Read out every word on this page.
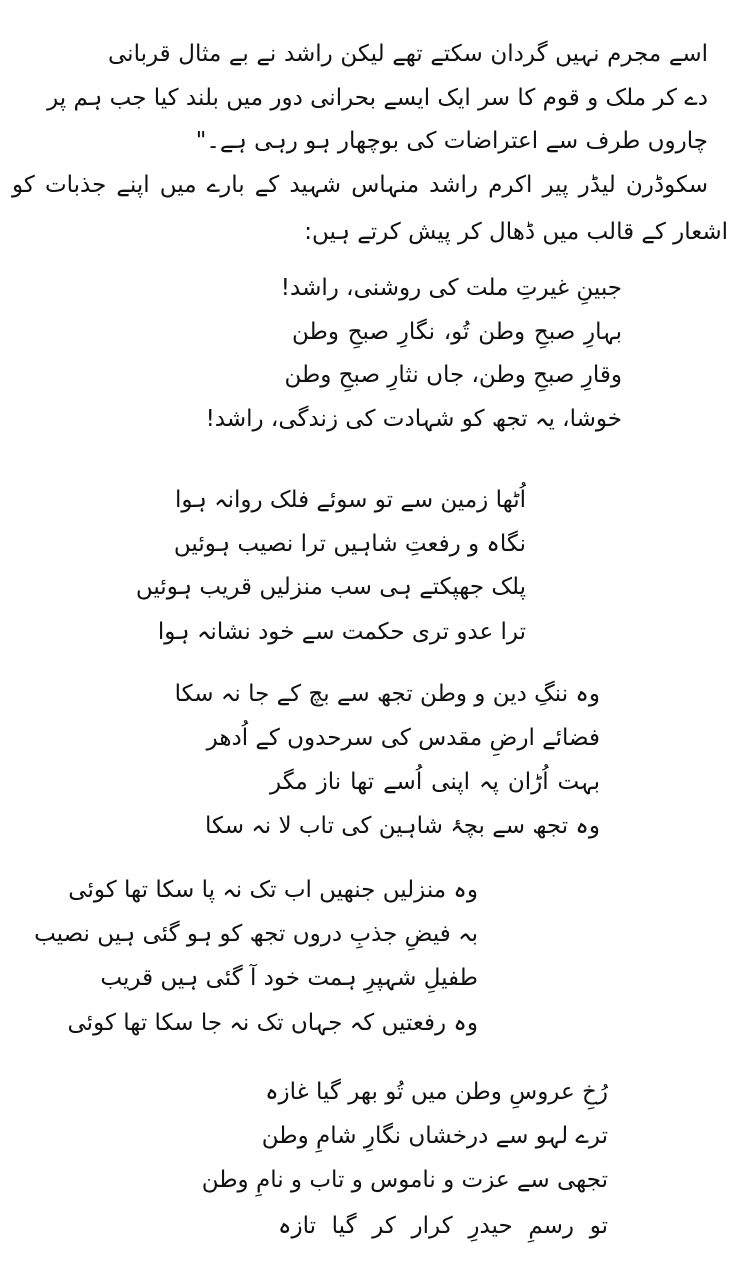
اسے مجرم نہیں گردان سکتے تھے لیکن راشد نے بے مثال قربانی
دے کر ملک و قوم کا سر ایک ایسے بحرانی دور میں بلند کیا جب ہم پر
چاروں طرف سے اعتراضات کی بوچھار ہو رہی ہے۔"
سکوڈرن لیڈر پیر اکرم راشد منہاس شہید کے بارے میں اپنے جذبات کو
اشعار کے قالب میں ڈھال کر پیش کرتے ہیں:
جبینِ غیرتِ ملت کی روشنی، راشد!
بہارِ صبحِ وطن تُو، نگارِ صبحِ وطن
وقارِ صبحِ وطن، جاں نثارِ صبحِ وطن
خوشا، یہ تجھ کو شہادت کی زندگی، راشد!
اُٹھا زمین سے تو سوئے فلک روانہ ہوا
نگاہ و رفعتِ شاہیں ترا نصیب ہوئیں
پلک جھپکتے ہی سب منزلیں قریب ہوئیں
ترا عدو تری حکمت سے خود نشانہ ہوا
وہ ننگِ دین و وطن تجھ سے بچ کے جا نہ سکا
فضائے ارضِ مقدس کی سرحدوں کے اُدھر
بہت اُڑان پہ اپنی اُسے تھا ناز مگر
وہ تجھ سے بچۂ شاہین کی تاب لا نہ سکا
وہ منزلیں جنھیں اب تک نہ پا سکا تھا کوئی
بہ فیضِ جذبِ دروں تجھ کو ہو گئی ہیں نصیب
طفیلِ شہپرِ ہمت خود آ گئی ہیں قریب
وہ رفعتیں کہ جہاں تک نہ جا سکا تھا کوئی
رُخِ عروسِ وطن میں تُو بھر گیا غازہ
ترے لہو سے درخشاں نگارِ شامِ وطن
تجھی سے عزت و ناموس و تاب و نامِ وطن
تو رسمِ حیدرِ کرار کر گیا تازہ
